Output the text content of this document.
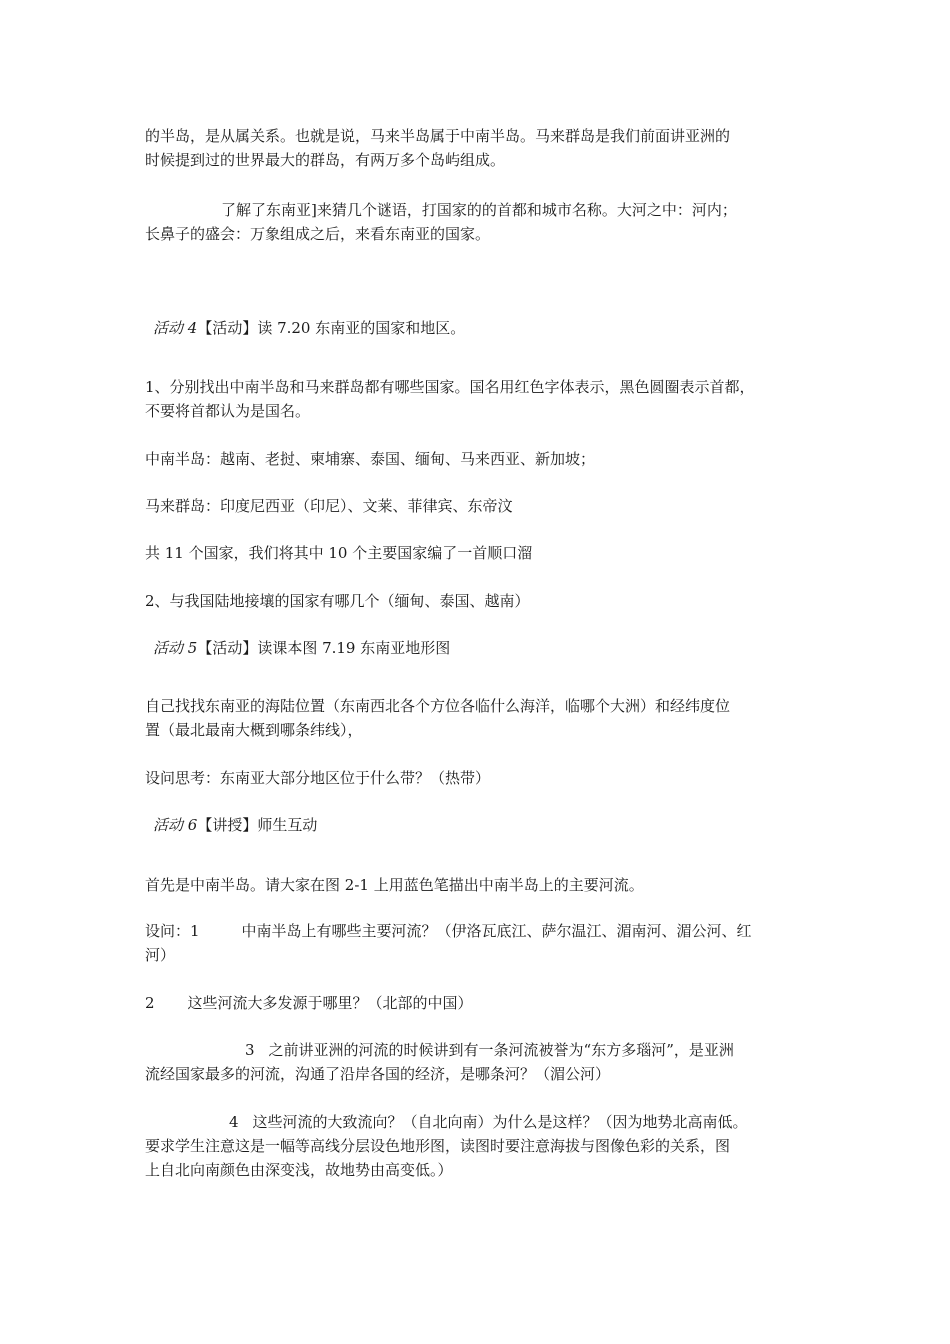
的半岛，是从属关系。也就是说，马来半岛属于中南半岛。马来群岛是我们前面讲亚洲的
时候提到过的世界最大的群岛，有两万多个岛屿组成。

了解了东南亚]来猜几个谜语，打国家的的首都和城市名称。大河之中：河内；
长鼻子的盛会：万象组成之后，来看东南亚的国家。

活动 4【活动】读 7.20 东南亚的国家和地区。

1、分别找出中南半岛和马来群岛都有哪些国家。国名用红色字体表示，黑色圆圈表示首都，
不要将首都认为是国名。

中南半岛：越南、老挝、柬埔寨、泰国、缅甸、马来西亚、新加坡；

马来群岛：印度尼西亚（印尼）、文莱、菲律宾、东帝汶

共 11 个国家，我们将其中 10 个主要国家编了一首顺口溜

2、与我国陆地接壤的国家有哪几个（缅甸、泰国、越南）

活动 5【活动】读课本图 7.19 东南亚地形图

自己找找东南亚的海陆位置（东南西北各个方位各临什么海洋，临哪个大洲）和经纬度位
置（最北最南大概到哪条纬线），

设问思考：东南亚大部分地区位于什么带？（热带）

活动 6【讲授】师生互动

首先是中南半岛。请大家在图 2-1 上用蓝色笔描出中南半岛上的主要河流。

设问：1	中南半岛上有哪些主要河流？（伊洛瓦底江、萨尔温江、湄南河、湄公河、红
河）

2 这些河流大多发源于哪里？（北部的中国）

3 之前讲亚洲的河流的时候讲到有一条河流被誉为“东方多瑙河”，是亚洲
流经国家最多的河流，沟通了沿岸各国的经济，是哪条河？（湄公河）

4 这些河流的大致流向？（自北向南）为什么是这样？（因为地势北高南低。
要求学生注意这是一幅等高线分层设色地形图，读图时要注意海拔与图像色彩的关系，图
上自北向南颜色由深变浅，故地势由高变低。）
